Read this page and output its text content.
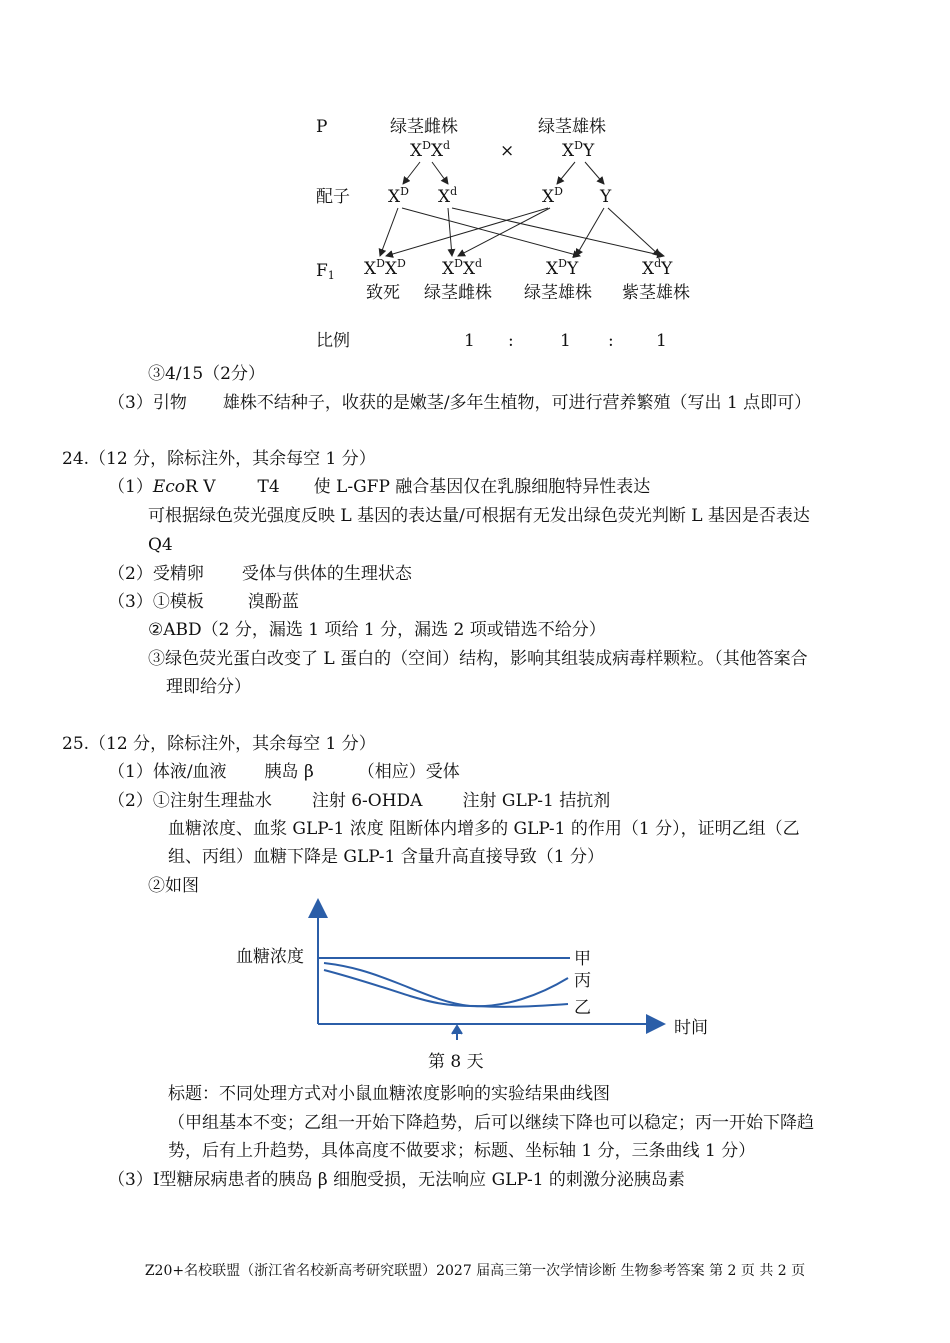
P	绿茎雌株	绿茎雄株
$X^DX^d$	×	$X^DY$
配子 $X^D$ $X^d$	$X^D$ Y
$F_1$ $X^DX^D$ $X^DX^d$	$X^DY$	$X^dY$
致死 绿茎雌株 绿茎雄株 紫茎雄株
比例	1 :	1 : 1
③4/15（2分）
（3）引物 雄株不结种子，收获的是嫩茎/多年生植物，可进行营养繁殖（写出 1 点即可）
24.（12 分，除标注外，其余每空 1 分）
（1）EcoR Ⅴ T4 使 L-GFP 融合基因仅在乳腺细胞特异性表达
可根据绿色荧光强度反映 L 基因的表达量/可根据有无发出绿色荧光判断 L 基因是否表达
Q4
（2）受精卵 受体与供体的生理状态
（3）①模板	溴酚蓝
②ABD（2 分，漏选 1 项给 1 分，漏选 2 项或错选不给分）
③绿色荧光蛋白改变了 L 蛋白的（空间）结构，影响其组装成病毒样颗粒。（其他答案合
理即给分）
25.（12 分，除标注外，其余每空 1 分）
（1）体液/血液 胰岛 β	（相应）受体
（2）①注射生理盐水 注射 6-OHDA 注射 GLP-1 拮抗剂
血糖浓度、血浆 GLP-1 浓度 阻断体内增多的 GLP-1 的作用（1 分），证明乙组（乙
组、丙组）血糖下降是 GLP-1 含量升高直接导致（1 分）
②如图
血糖浓度	甲
丙
乙
时间
第 8 天
标题：不同处理方式对小鼠血糖浓度影响的实验结果曲线图
（甲组基本不变；乙组一开始下降趋势，后可以继续下降也可以稳定；丙一开始下降趋
势，后有上升趋势，具体高度不做要求；标题、坐标轴 1 分，三条曲线 1 分）
（3）Ⅰ型糖尿病患者的胰岛 β 细胞受损，无法响应 GLP-1 的刺激分泌胰岛素
Z20+名校联盟（浙江省名校新高考研究联盟）2027 届高三第一次学情诊断 生物参考答案 第 2 页 共 2 页
